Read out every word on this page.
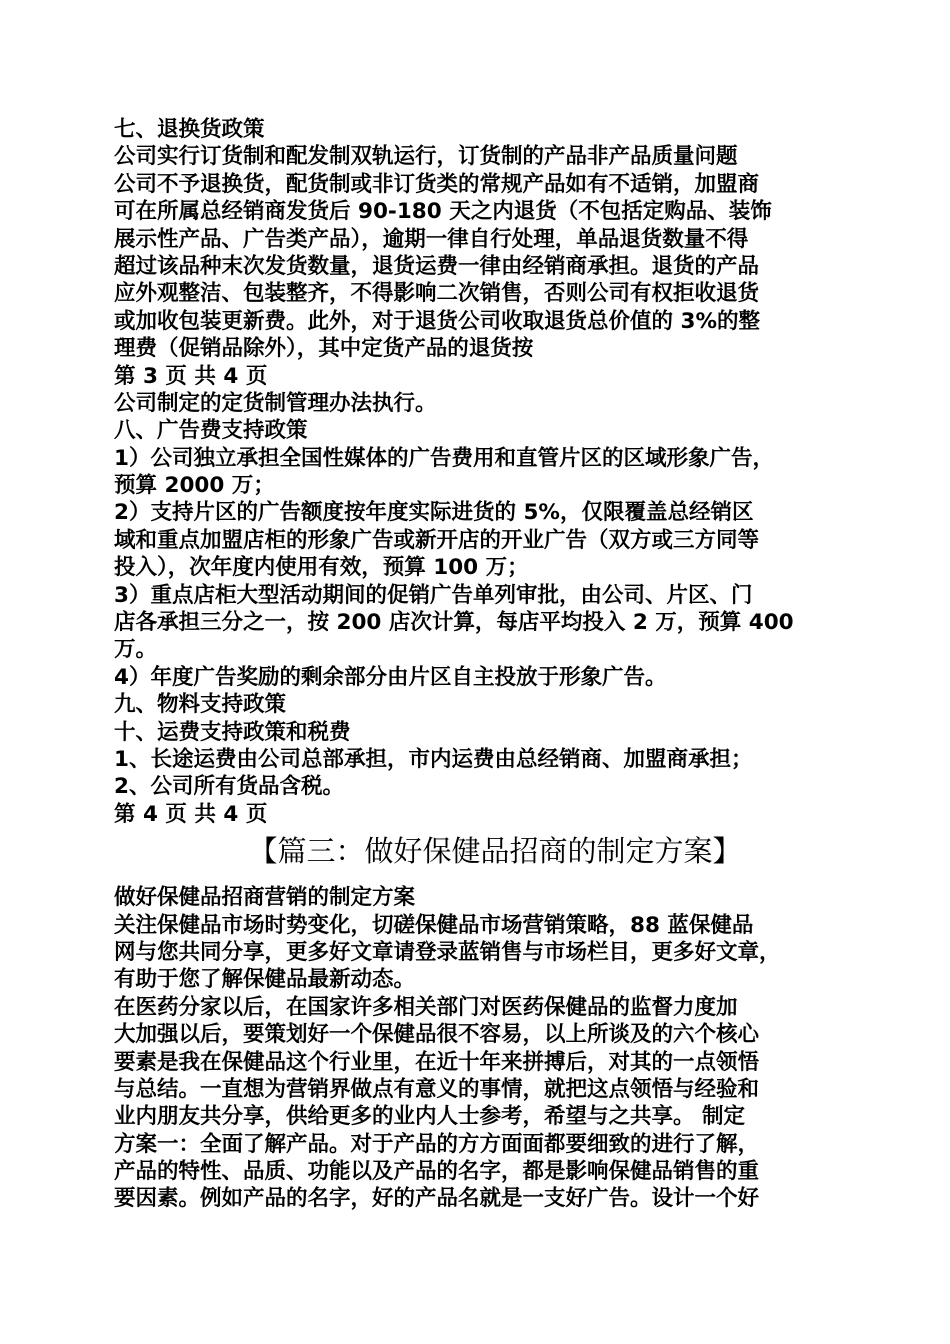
七、退换货政策
公司实行订货制和配发制双轨运行，订货制的产品非产品质量问题
公司不予退换货，配货制或非订货类的常规产品如有不适销，加盟商
可在所属总经销商发货后 90-180 天之内退货（不包括定购品、装饰
展示性产品、广告类产品），逾期一律自行处理，单品退货数量不得
超过该品种末次发货数量，退货运费一律由经销商承担。退货的产品
应外观整洁、包装整齐，不得影响二次销售，否则公司有权拒收退货
或加收包装更新费。此外，对于退货公司收取退货总价值的 3%的整
理费（促销品除外），其中定货产品的退货按
第 3 页 共 4 页
公司制定的定货制管理办法执行。
八、广告费支持政策
1）公司独立承担全国性媒体的广告费用和直管片区的区域形象广告，
预算 2000 万；
2）支持片区的广告额度按年度实际进货的 5%，仅限覆盖总经销区
域和重点加盟店柜的形象广告或新开店的开业广告（双方或三方同等
投入），次年度内使用有效，预算 100 万；
3）重点店柜大型活动期间的促销广告单列审批，由公司、片区、门
店各承担三分之一，按 200 店次计算，每店平均投入 2 万，预算 400
万。
4）年度广告奖励的剩余部分由片区自主投放于形象广告。
九、物料支持政策
十、运费支持政策和税费
1、长途运费由公司总部承担，市内运费由总经销商、加盟商承担；
2、公司所有货品含税。
第 4 页 共 4 页
【篇三：做好保健品招商的制定方案】
做好保健品招商营销的制定方案
关注保健品市场时势变化，切磋保健品市场营销策略，88 蓝保健品
网与您共同分享，更多好文章请登录蓝销售与市场栏目，更多好文章，
有助于您了解保健品最新动态。
在医药分家以后，在国家许多相关部门对医药保健品的监督力度加
大加强以后，要策划好一个保健品很不容易，以上所谈及的六个核心
要素是我在保健品这个行业里，在近十年来拼搏后，对其的一点领悟
与总结。一直想为营销界做点有意义的事情，就把这点领悟与经验和
业内朋友共分享，供给更多的业内人士参考，希望与之共享。 制定
方案一：全面了解产品。对于产品的方方面面都要细致的进行了解，
产品的特性、品质、功能以及产品的名字，都是影响保健品销售的重
要因素。例如产品的名字，好的产品名就是一支好广告。设计一个好
